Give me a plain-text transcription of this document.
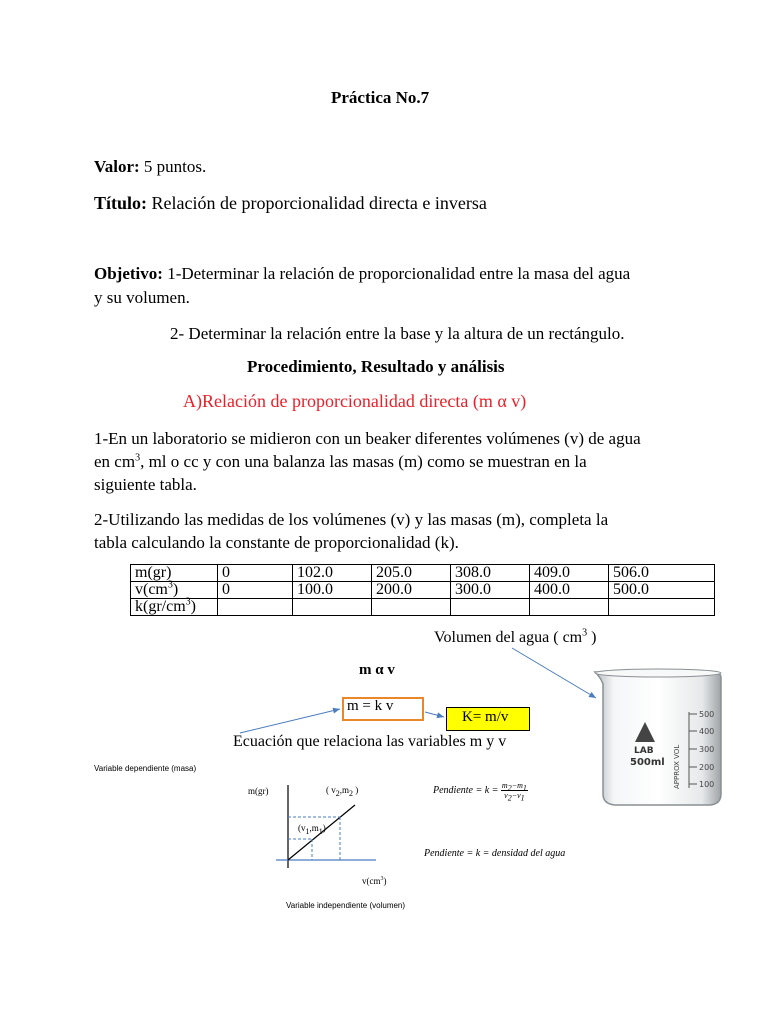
Práctica No.7
Valor: 5 puntos.
Título: Relación de proporcionalidad directa e inversa
Objetivo: 1-Determinar la relación de proporcionalidad entre la masa del agua
y su volumen.
2- Determinar la relación entre la base y la altura de un rectángulo.
Procedimiento, Resultado y análisis
A)Relación de proporcionalidad directa (m α v)
1-En un laboratorio se midieron con un beaker diferentes volúmenes (v) de agua
en $cm^3$, ml o cc y con una balanza las masas (m) como se muestran en la
siguiente tabla.
2-Utilizando las medidas de los volúmenes (v) y las masas (m), completa la
tabla calculando la constante de proporcionalidad (k).
m(gr)	0	102.0	205.0	308.0	409.0	506.0
$v(cm^3)$	0	100.0	200.0	300.0	400.0	500.0
$k(gr/cm^3)$						
Volumen del agua ( $cm^3$ )
m α v
m = k v
K= m/v
Ecuación que relaciona las variables m y v
Variable dependiente (masa)
m(gr)	( $v_2,m_2$ )
$(v_1,m_1)$
$v(cm^3)$
Variable independiente (volumen)
Pendiente = $k = \frac{m_2-m_1}{v_2-v_1}$
Pendiente = k = densidad del agua
500
400
300
200
100
LAB
500ml APPROX VOL
